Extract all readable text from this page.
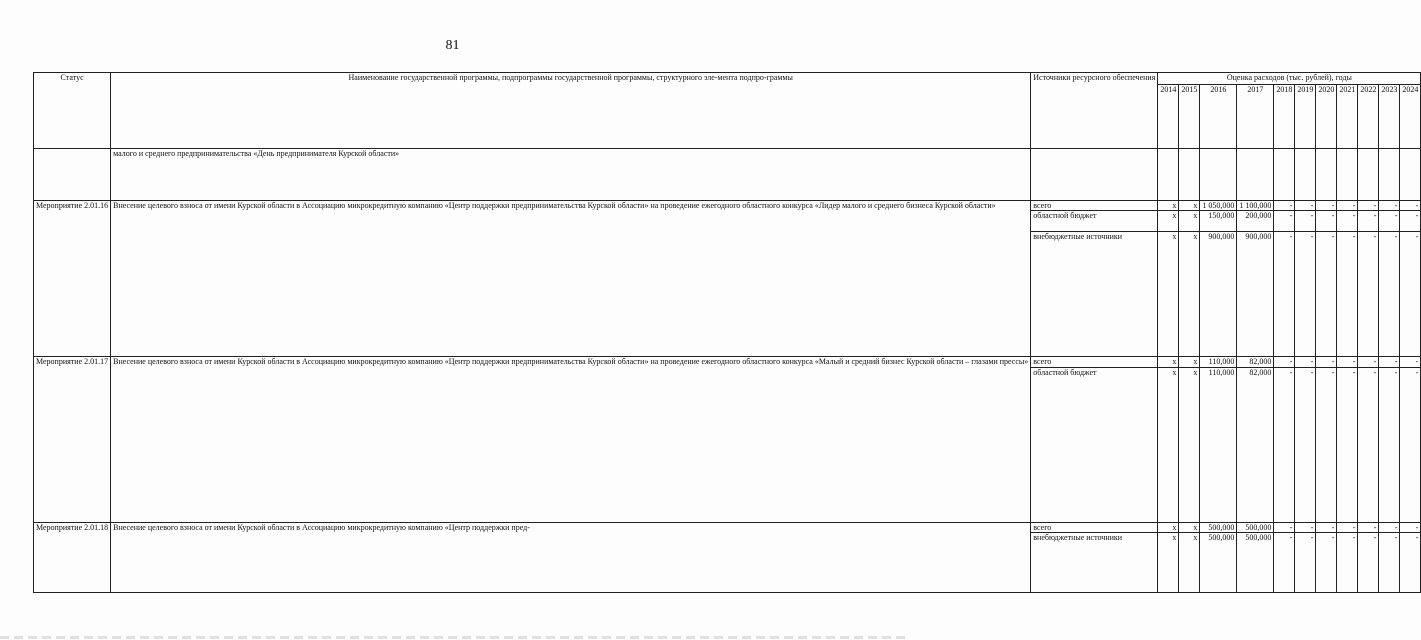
81
Статус	Наименование государственной программы, подпрограммы государственной программы, структурного эле-мента подпро-граммы	Источники ресурсного обеспечения	Оценка расходов (тыс. рублей), годы										
			2014	2015	2016	2017	2018	2019	2020	2021	2022	2023	2024
	малого и среднего предпринимательства «День предпринимателя Курской области»												
Мероприятие 2.01.16	Внесение целевого взноса от имени Курской области в Ассоциацию микрокредитную компанию «Центр поддержки предпринимательства Курской области» на проведение ежегодного областного конкурса «Лидер малого и среднего бизнеса Курской области»	всего	х	х	1 050,000	1 100,000	-	-	-	-	-	-	-
		областной бюджет	х	х	150,000	200,000	-	-	-	-	-	-	-
		внебюджетные источники	х	х	900,000	900,000	-	-	-	-	-	-	-
Мероприятие 2.01.17	Внесение целевого взноса от имени Курской области в Ассоциацию микрокредитную компанию «Центр поддержки предпринимательства Курской области» на проведение ежегодного областного конкурса «Малый и средний бизнес Курской области – глазами прессы»	всего	х	х	110,000	82,000	-	-	-	-	-	-	-
		областной бюджет	х	х	110,000	82,000	-	-	-	-	-	-	-
Мероприятие 2.01.18	Внесение целевого взноса от имени Курской области в Ассоциацию микрокредитную компанию «Центр поддержки пред-	всего	х	х	500,000	500,000	-	-	-	-	-	-	-
		внебюджетные источники	х	х	500,000	500,000	-	-	-	-	-	-	-
